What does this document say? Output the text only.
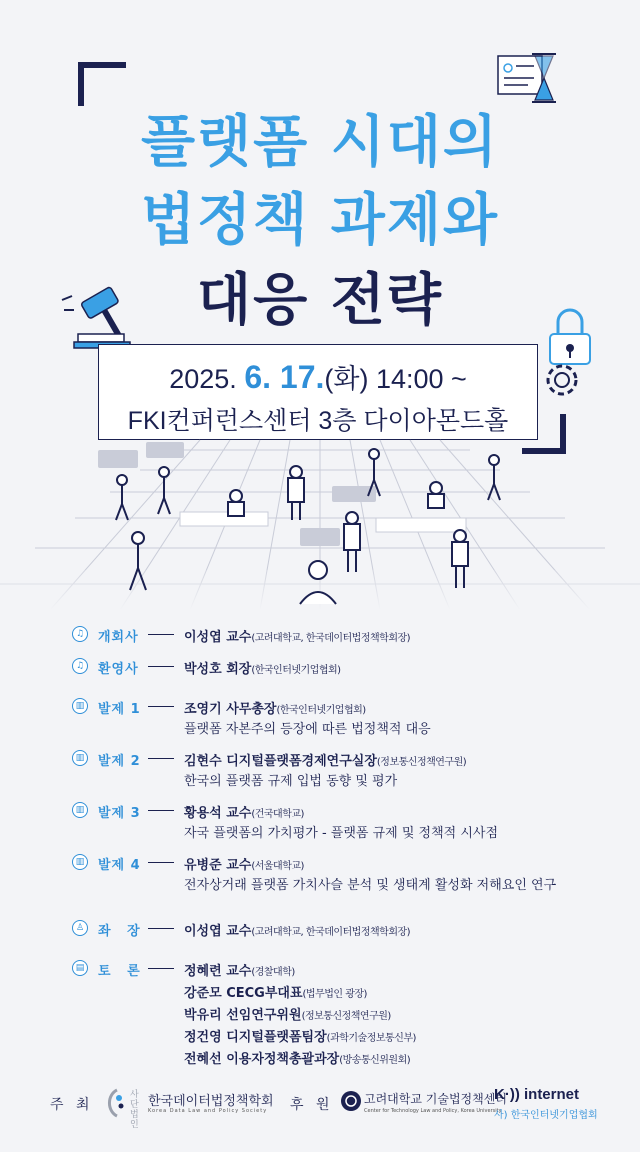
플랫폼 시대의
법정책 과제와
대응 전략
2025. 6. 17.(화) 14:00 ~
FKI컨퍼런스센터 3층 다이아몬드홀
♫ 개회사	이성엽 교수(고려대학교, 한국데이터법정책학회장)
♫ 환영사	박성호 회장(한국인터넷기업협회)
▥ 발제 1	조영기 사무총장(한국인터넷기업협회)
플랫폼 자본주의 등장에 따른 법정책적 대응
▥ 발제 2	김현수 디지털플랫폼경제연구실장(정보통신정책연구원)
한국의 플랫폼 규제 입법 동향 및 평가
▥ 발제 3	황용석 교수(건국대학교)
자국 플랫폼의 가치평가 - 플랫폼 규제 및 정책적 시사점
▥ 발제 4	유병준 교수(서울대학교)
전자상거래 플랫폼 가치사슬 분석 및 생태계 활성화 저해요인 연구
♙ 좌 장	이성엽 교수(고려대학교, 한국데이터법정책학회장)
▤ 토 론	정혜련 교수(경찰대학)
강준모 CECG부대표(법무법인 광장)
박유리 선임연구위원(정보통신정책연구원)
정건영 디지털플랫폼팀장(과학기술정보통신부)
전혜선 이용자정책총괄과장(방송통신위원회)
주 최
사단법인
한국데이터법정책학회
Korea Data Law and Policy Society 후 원	고려대학교 기술법정책센터
Center for Technology Law and Policy, Korea University
K·)) internet
사) 한국인터넷기업협회
